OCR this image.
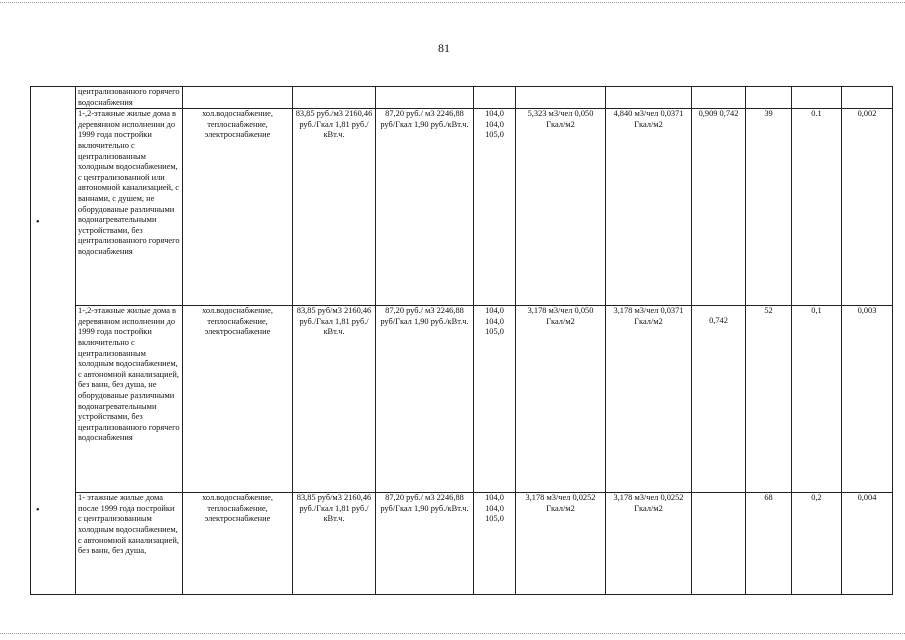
81
•
•
	централизованного горячего водоснабжения										
	1-,2-этажные жилые дома в деревянном исполнении до 1999 года постройки включительно с централизованным холодным водоснабжением, с централизованной или автономной канализацией, с ваннами, с душем, не оборудованые различными водонагревательными устройствами, без централизованного горячего водоснабжения	хол.водоснабжение, теплоснабжение, электроснабжение	83,85 руб./м3 2160,46 руб./Гкал 1,81 руб./кВт.ч.	87,20 руб./ м3 2246,88 руб/Гкал 1,90 руб./кВт.ч.	104,0 104,0 105,0	5,323 м3/чел 0,050 Гкал/м2	4,840 м3/чел 0,0371 Гкал/м2	0,909 0,742	39	0.1	0,002
	1-,2-этажные жилые дома в деревянном исполнении до 1999 года постройки включительно с централизованным холодным водоснабжением, с автономной канализацией, без ванн, без душа, не оборудованые различными водонагревательными устройствами, без централизованного горячего водоснабжения	хол.водоснабжение, теплоснабжение, электроснабжение	83,85 руб/м3 2160,46 руб./Гкал 1,81 руб./кВт.ч.	87,20 руб./ м3 2246,88 руб/Гкал 1,90 руб./кВт.ч.	104,0 104,0 105,0	3,178 м3/чел 0,050 Гкал/м2	3,178 м3/чел 0,0371 Гкал/м2	0,742	52	0,1	0,003
	1- этажные жилые дома после 1999 года постройки с централизованным холодным водоснабжением, с автономной канализацией, без ванн, без душа,	хол.водоснабжение, теплоснабжение, электроснабжение	83,85 руб/м3 2160,46 руб./Гкал 1,81 руб./кВт.ч.	87,20 руб./ м3 2246,88 руб/Гкал 1,90 руб./кВт.ч.	104,0 104,0 105,0	3,178 м3/чел 0,0252 Гкал/м2	3,178 м3/чел 0,0252 Гкал/м2		68	0,2	0,004
